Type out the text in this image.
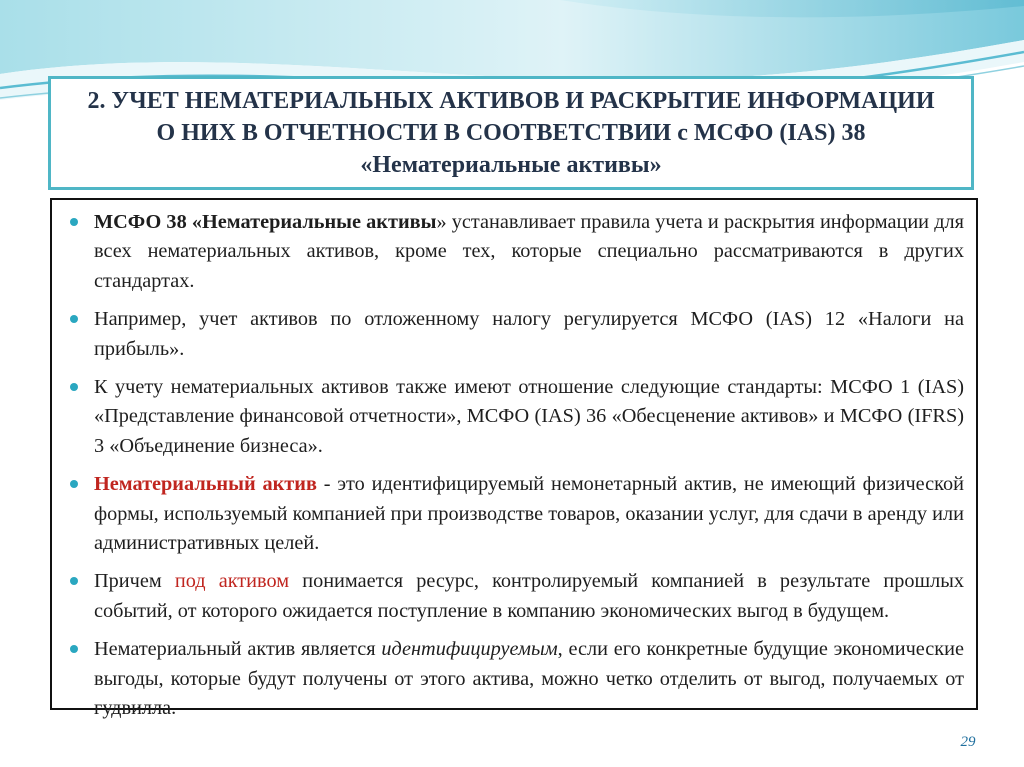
2. УЧЕТ НЕМАТЕРИАЛЬНЫХ АКТИВОВ И РАСКРЫТИЕ ИНФОРМАЦИИ
О НИХ В ОТЧЕТНОСТИ В СООТВЕТСТВИИ с МСФО (IAS) 38
«Нематериальные активы»
МСФО 38 «Нематериальные активы» устанавливает правила учета и раскрытия информации для всех нематериальных активов, кроме тех, которые специально рассматриваются в других стандартах.
Например, учет активов по отложенному налогу регулируется МСФО (IAS) 12 «Налоги на прибыль».
К учету нематериальных активов также имеют отношение следующие стандарты: МСФО 1 (IAS) «Представление финансовой отчетности», МСФО (IAS) 36 «Обесценение активов» и МСФО (IFRS) 3 «Объединение бизнеса».
Нематериальный актив - это идентифицируемый немонетарный актив, не имеющий физической формы, используемый компанией при производстве товаров, оказании услуг, для сдачи в аренду или административных целей.
Причем под активом понимается ресурс, контролируемый компанией в результате прошлых событий, от которого ожидается поступление в компанию экономических выгод в будущем.
Нематериальный актив является идентифицируемым, если его конкретные будущие экономические выгоды, которые будут получены от этого актива, можно четко отделить от выгод, получаемых от гудвилла.
29
